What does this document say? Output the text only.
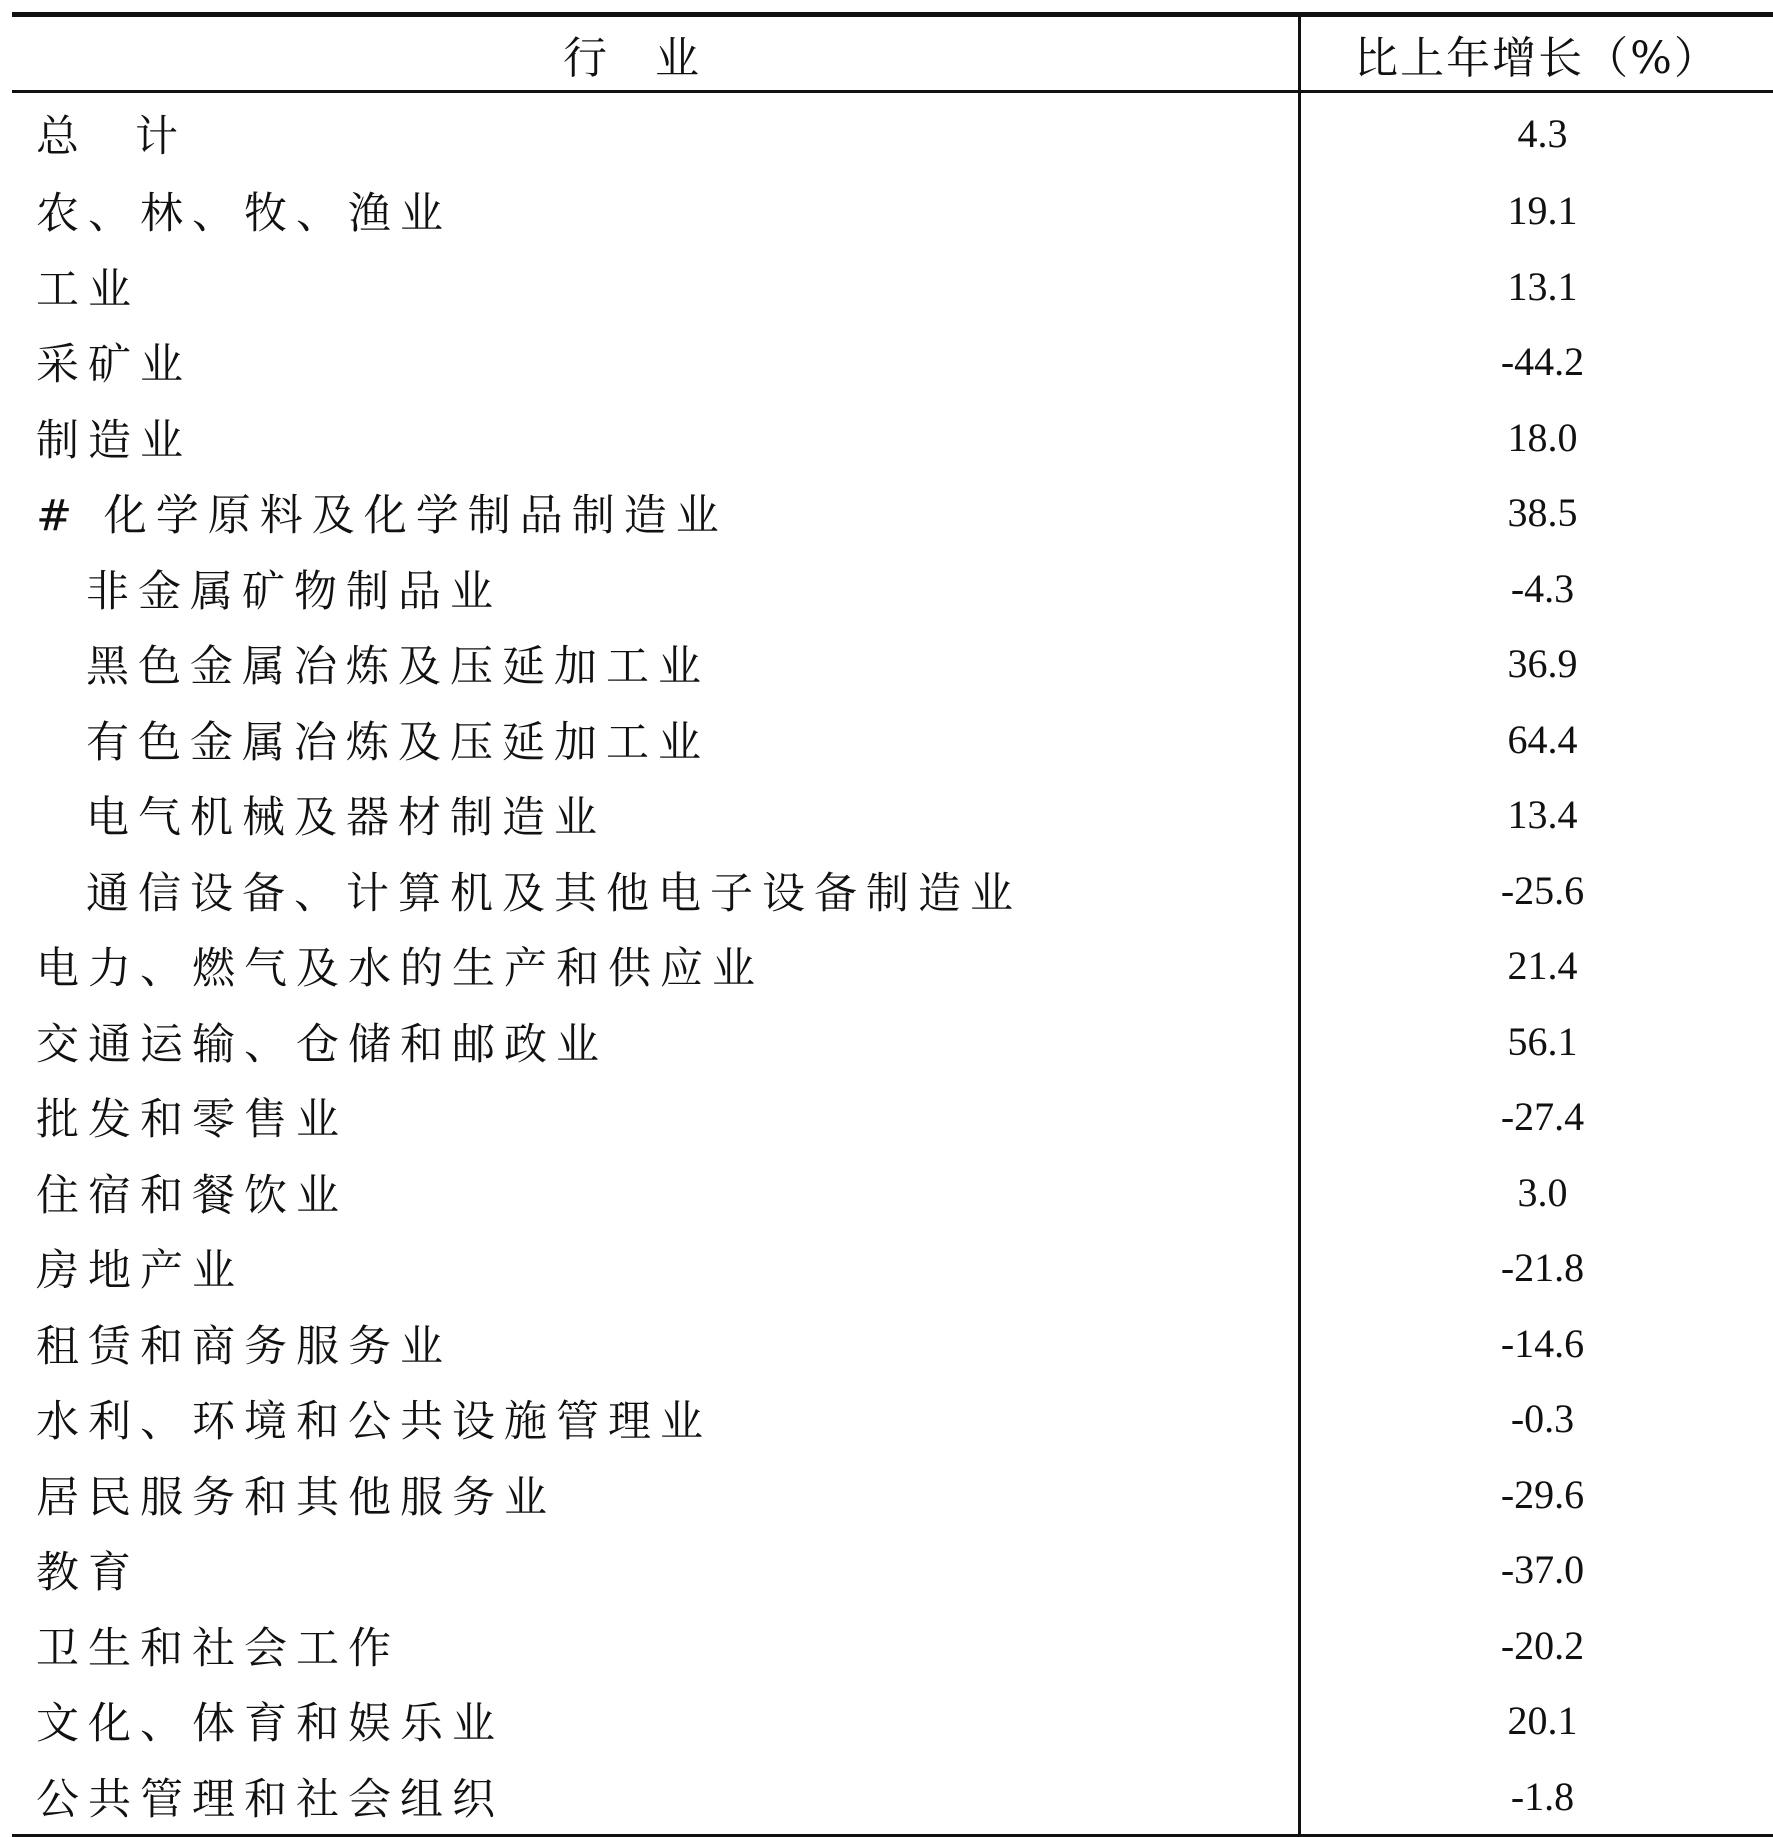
行业	比上年增长（%）
总计	4.3
农、林、牧、渔业	19.1
工业	13.1
采矿业	-44.2
制造业	18.0
# 化学原料及化学制品制造业	38.5
非金属矿物制品业	-4.3
黑色金属冶炼及压延加工业	36.9
有色金属冶炼及压延加工业	64.4
电气机械及器材制造业	13.4
通信设备、计算机及其他电子设备制造业	-25.6
电力、燃气及水的生产和供应业	21.4
交通运输、仓储和邮政业	56.1
批发和零售业	-27.4
住宿和餐饮业	3.0
房地产业	-21.8
租赁和商务服务业	-14.6
水利、环境和公共设施管理业	-0.3
居民服务和其他服务业	-29.6
教育	-37.0
卫生和社会工作	-20.2
文化、体育和娱乐业	20.1
公共管理和社会组织	-1.8
